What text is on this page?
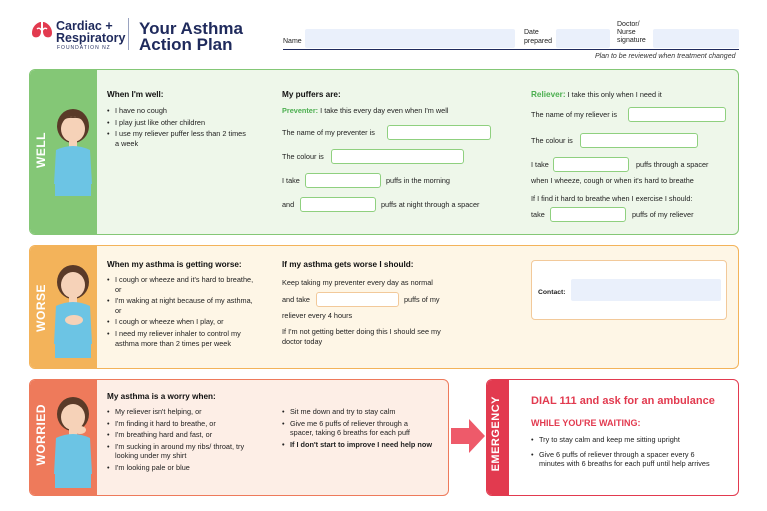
Cardiac +
Respiratory
FOUNDATION NZ
Your Asthma
Action Plan	Name
Date
prepared
Doctor/
Nurse
signature
Plan to be reviewed when treatment changed
WELL
When I'm well:
• I have no cough
• I play just like other children
• I use my reliever puffer less than 2 times a week
My puffers are:
Preventer: I take this every day even when I'm well
The name of my preventer is
The colour is
I take	puffs in the morning
and	puffs at night through a spacer
Reliever: I take this only when I need it
The name of my reliever is
The colour is
I take	puffs through a spacer
when I wheeze, cough or when it's hard to breathe
If I find it hard to breathe when I exercise I should:
take	puffs of my reliever
WORSE
When my asthma is getting worse:
• I cough or wheeze and it's hard to breathe, or
• I'm waking at night because of my asthma, or
• I cough or wheeze when I play, or
• I need my reliever inhaler to control my asthma more than 2 times per week
If my asthma gets worse I should:
Keep taking my preventer every day as normal
and take	puffs of my
reliever every 4 hours
If I'm not getting better doing this I should see my doctor today
Contact:
WORRIED
My asthma is a worry when:
• My reliever isn't helping, or
• I'm finding it hard to breathe, or
• I'm breathing hard and fast, or
• I'm sucking in around my ribs/ throat, try looking under my shirt
• I'm looking pale or blue
• Sit me down and try to stay calm
• Give me 6 puffs of reliever through a spacer, taking 6 breaths for each puff
• If I don't start to improve I need help now	EMERGENCY	DIAL 111 and ask for an ambulance
WHILE YOU'RE WAITING:
• Try to stay calm and keep me sitting upright
• Give 6 puffs of reliever through a spacer every 6 minutes with 6 breaths for each puff until help arrives
